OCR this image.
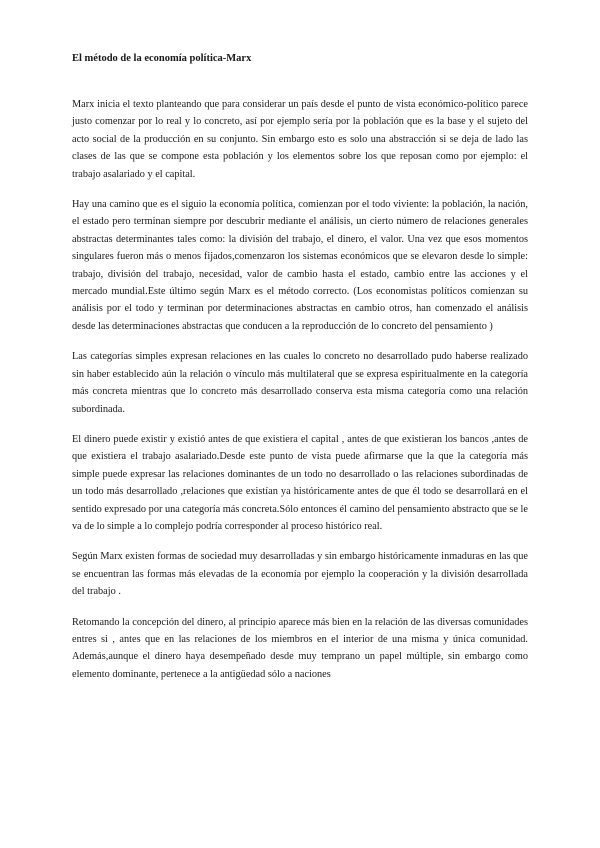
El método de la economía política-Marx

Marx inicia el texto planteando que para considerar un país desde el punto de vista económico-político parece justo comenzar por lo real y lo concreto, así por ejemplo sería por la población que es la base y el sujeto del acto social de la producción en su conjunto. Sin embargo esto es solo una abstracción si se deja de lado las clases de las que se compone esta población y los elementos sobre los que reposan como por ejemplo: el trabajo asalariado y el capital.

Hay una camino que es el siguio la economía política, comienzan por el todo viviente: la población, la nación, el estado pero terminan siempre por descubrir mediante el análisis, un cierto número de relaciones generales abstractas determinantes tales como: la división del trabajo, el dinero, el valor. Una vez que esos momentos singulares fueron más o menos fijados,comenzaron los sistemas económicos que se elevaron desde lo simple: trabajo, división del trabajo, necesidad, valor de cambio hasta el estado, cambio entre las acciones y el mercado mundial.Este último según Marx es el método correcto. (Los economistas políticos comienzan su análisis por el todo y terminan por determinaciones abstractas en cambio otros, han comenzado el análisis desde las determinaciones abstractas que conducen a la reproducción de lo concreto del pensamiento )

Las categorías simples expresan relaciones en las cuales lo concreto no desarrollado pudo haberse realizado sin haber establecido aún la relación o vínculo más multilateral que se expresa espiritualmente en la categoría más concreta mientras que lo concreto más desarrollado conserva esta misma categoría como una relación subordinada.

El dinero puede existir y existió antes de que existiera el capital , antes de que existieran los bancos ,antes de que existiera el trabajo asalariado.Desde este punto de vista puede afirmarse que la que la categoría más simple puede expresar las relaciones dominantes de un todo no desarrollado o las relaciones subordinadas de un todo más desarrollado ,relaciones que existían ya históricamente antes de que él todo se desarrollará en el sentido expresado por una categoría más concreta.Sólo entonces él camino del pensamiento abstracto que se le va de lo simple a lo complejo podría corresponder al proceso histórico real.

Según Marx existen formas de sociedad muy desarrolladas y sin embargo históricamente inmaduras en las que se encuentran las formas más elevadas de la economía por ejemplo la cooperación y la división desarrollada del trabajo .

Retomando la concepción del dinero, al principio aparece más bien en la relación de las diversas comunidades entres si , antes que en las relaciones de los miembros en el interior de una misma y única comunidad. Además,aunque el dinero haya desempeñado desde muy temprano un papel múltiple, sin embargo como elemento dominante, pertenece a la antigüedad sólo a naciones
